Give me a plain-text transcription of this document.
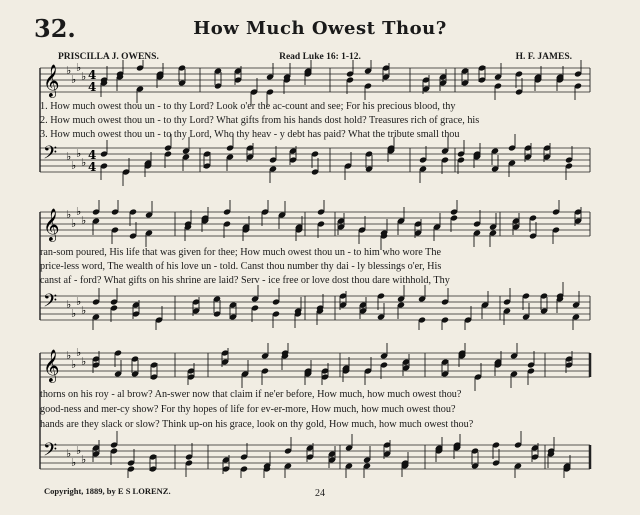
32.	How Much Owest Thou?
PRISCILLA J. OWENS.	Read Luke 16: 1-12.	H. F. JAMES.
𝄞 ♭
♭
♭
♭ 4
4
𝄢 ♭
♭
♭
♭
4
4
1. How much owest thou un - to thy Lord? Look o'er the ac-count and see; For his precious blood, thy
2. How much owest thou un - to thy Lord? What gifts from his hands dost hold? Treasures rich of grace, his
3. How much owest thou un - to thy Lord, Who thy heav - y debt has paid? What the tribute small thou
𝄞 ♭
♭
♭
♭
𝄢 ♭
♭
♭
♭
ran-som poured, His life that was given for thee; How much owest thou un - to him who wore The
price-less word, The wealth of his love un - told. Canst thou number thy dai - ly blessings o'er, His
canst af - ford? What gifts on his shrine are laid? Serv - ice free or love dost thou dare withhold, Thy
𝄞 ♭
♭
♭
♭
𝄢 ♭
♭
♭
♭
thorns on his roy - al brow? An-swer now that claim if ne'er before, How much, how much owest thou?
good-ness and mer-cy show? For thy hopes of life for ev-er-more, How much, how much owest thou?
hands are they slack or slow? Think up-on his grace, look on thy gold, How much, how much owest thou?
Copyright, 1889, by E S LORENZ.	24
